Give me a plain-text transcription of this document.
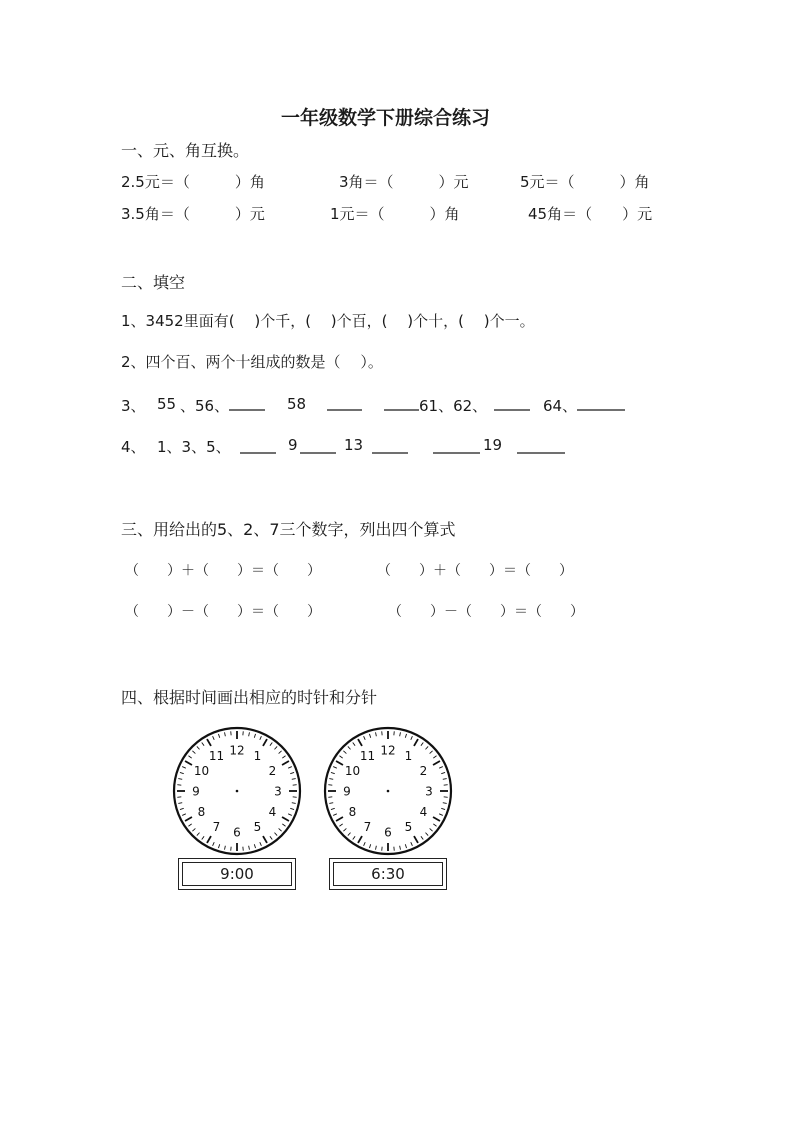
一年级数学下册综合练习
一、元、角互换。
2.5元＝（　　　）角	3角＝（　　　）元	5元＝（　　　）角
3.5角＝（　　　）元	1元＝（　　　）角	45角＝（　　）元
二、填空
1、3452里面有(　 )个千，(　 )个百，(　 )个十，(　 )个一。
2、四个百、两个十组成的数是（　 ）。
3、 55 、56、	58	61、62、	64、
4、 1、3、5、	9	13	19
三、用给出的5、2、7三个数字，列出四个算式
（　　）＋（　　）＝（　　）	（　　）＋（　　）＝（　　）
（　　）－（　　）＝（　　）	（　　）－（　　）＝（　　）
四、根据时间画出相应的时针和分针
12 1
2
3
4
5
6
7
8
9
10
11	12 1
2
3
4
5
6
7
8
9
10
11

9:00

	6:30
